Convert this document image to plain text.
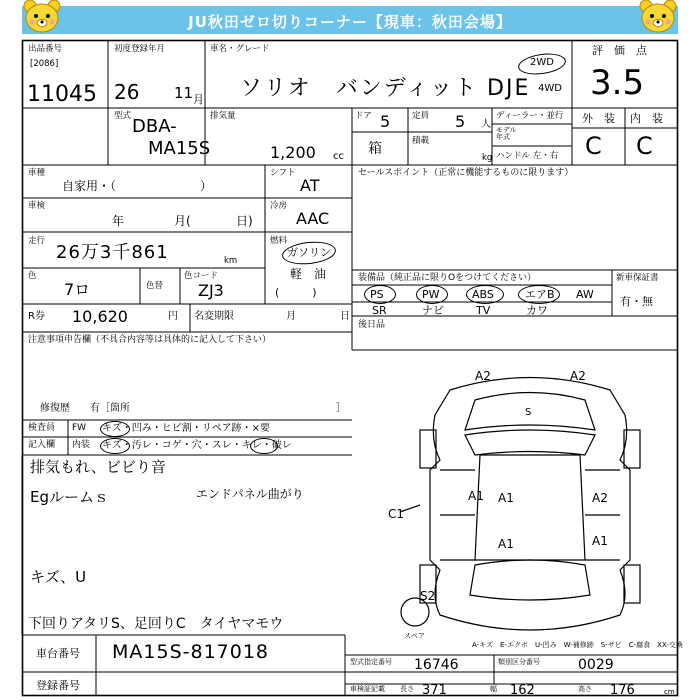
JU秋田ゼロ切りコーナー【現車：秋田会場】
出品番号
[2086]
11045
初度登録年月
26 11 月
車名・グレード
ソリオ　バンディット DJE
2WD
4WD
評　価　点
3.5
型式 DBA-
MA15S
排気量
1,200 cc
ドア 5	定員 5 人
積載
箱
kg
ディーラー・並行
モデル
年式
ハンドル 左・右
外　装 内　装
C C
車種
自家用・（　　　　　　　）
シフト
AT
車検
年	月(	日)
冷房
AAC
走行
26万3千861	km
燃料
ガソリン
軽　油
(　　　)
色
7ロ	色替
色コード
ZJ3
R券 10,620	円 名変期限	月	日
セールスポイント（正常に機能するものに限ります）
装備品（純正品に限りOをつけてください）	新車保証書
有・無
PS	PW	ABS	エアB AW
SR	ナビ	TV	カワ
後日品
注意事項申告欄（不具合内容等は具体的に記入して下さい）
修復歴　　有［箇所	］
検査員
記入欄
FW
内装
キズ・凹み・ヒビ割・リペア跡・×要
キズ・汚レ・コゲ・穴・スレ・キレ・破レ
排気もれ、ビビり音
Egルームｓ	エンドパネル曲がり
キズ、U
下回りアタリS、足回りC　タイヤマモウ
A2	A2
S
A1 A1	A2
A1
A1
C1
S2
スペア
A-キズ　E-エクボ　U-凹み　W-補修跡　S-サビ　C-腐食　XX-交換
車台番号 MA15S-817018
登録番号
型式指定番号 16746	類別区分番号	0029
車検証記載 長さ 371	幅 162	高さ 176	cm
